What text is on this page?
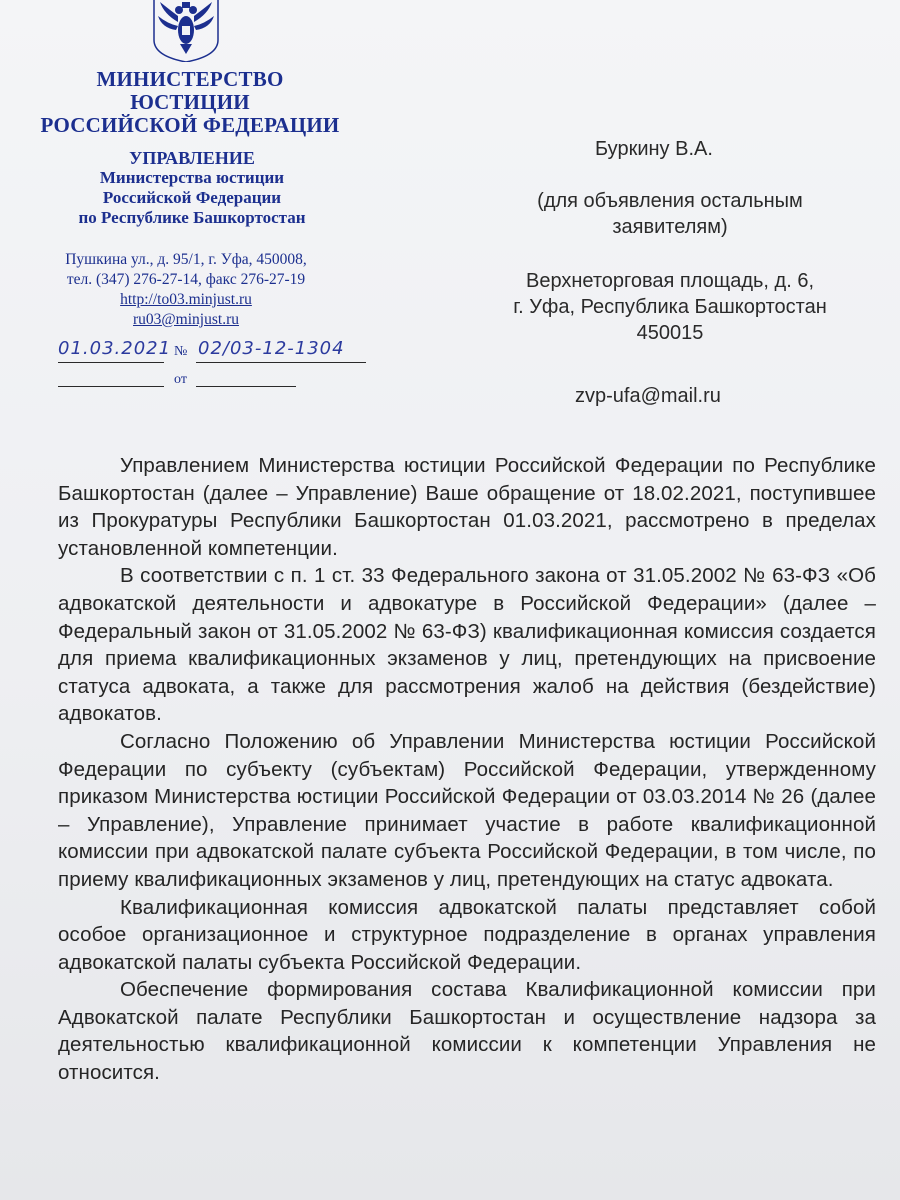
МИНИСТЕРСТВО ЮСТИЦИИ
РОССИЙСКОЙ ФЕДЕРАЦИИ
УПРАВЛЕНИЕ
Министерства юстиции
Российской Федерации
по Республике Башкортостан
Пушкина ул., д. 95/1, г. Уфа, 450008,
тел. (347) 276-27-14, факс 276-27-19
http://to03.minjust.ru
ru03@minjust.ru
01.03.2021 № 02/03-12-1304
от
Буркину В.А.
(для объявления остальным заявителям)
Верхнеторговая площадь, д. 6,
г. Уфа, Республика Башкортостан
450015
zvp-ufa@mail.ru

Управлением Министерства юстиции Российской Федерации по Республике Башкортостан (далее – Управление) Ваше обращение от 18.02.2021, поступившее из Прокуратуры Республики Башкортостан 01.03.2021, рассмотрено в пределах установленной компетенции.

В соответствии с п. 1 ст. 33 Федерального закона от 31.05.2002 № 63-ФЗ «Об адвокатской деятельности и адвокатуре в Российской Федерации» (далее – Федеральный закон от 31.05.2002 № 63-ФЗ) квалификационная комиссия создается для приема квалификационных экзаменов у лиц, претендующих на присвоение статуса адвоката, а также для рассмотрения жалоб на действия (бездействие) адвокатов.

Согласно Положению об Управлении Министерства юстиции Российской Федерации по субъекту (субъектам) Российской Федерации, утвержденному приказом Министерства юстиции Российской Федерации от 03.03.2014 № 26 (далее – Управление), Управление принимает участие в работе квалификационной комиссии при адвокатской палате субъекта Российской Федерации, в том числе, по приему квалификационных экзаменов у лиц, претендующих на статус адвоката.

Квалификационная комиссия адвокатской палаты представляет собой особое организационное и структурное подразделение в органах управления адвокатской палаты субъекта Российской Федерации.

Обеспечение формирования состава Квалификационной комиссии при Адвокатской палате Республики Башкортостан и осуществление надзора за деятельностью квалификационной комиссии к компетенции Управления не относится.
